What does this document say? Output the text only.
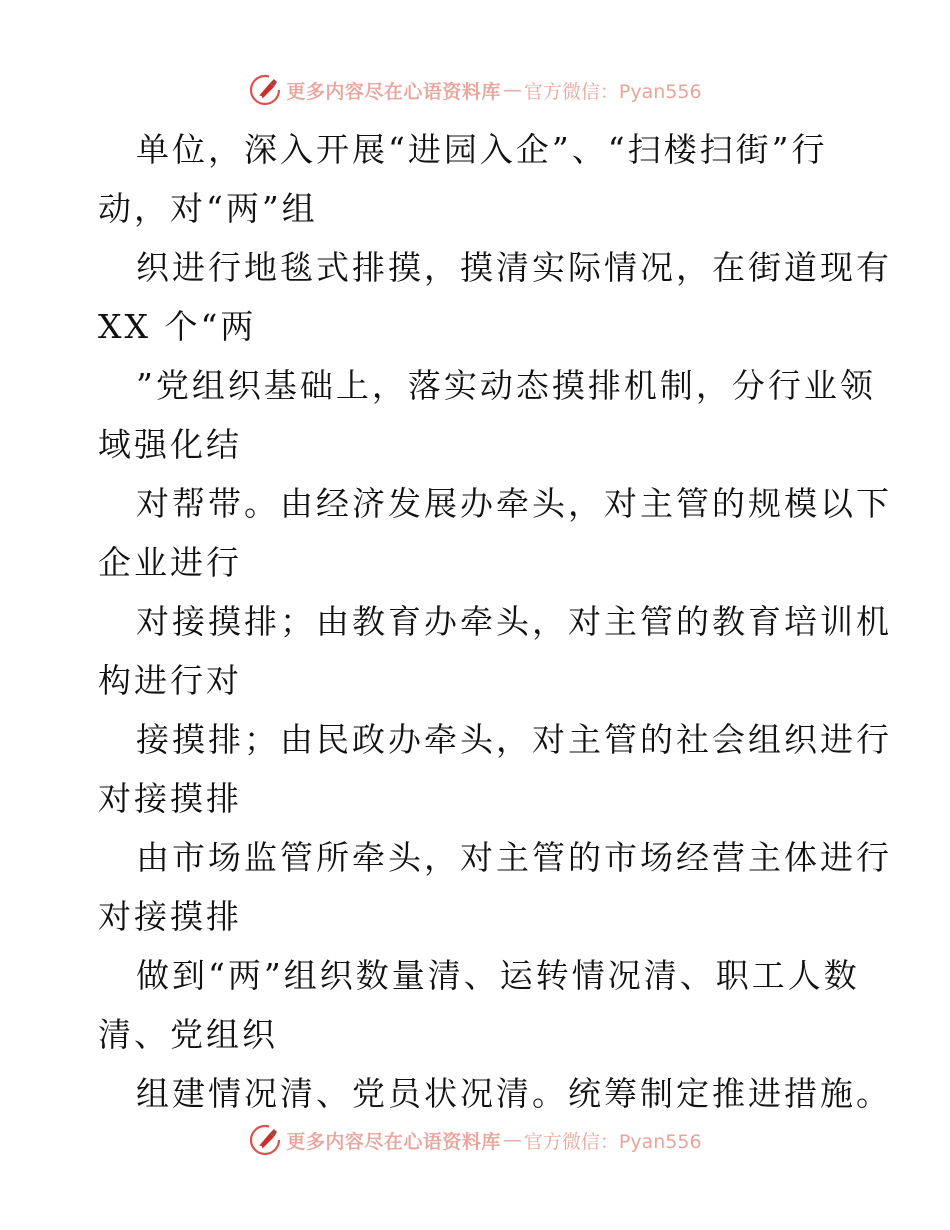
更多内容尽在心语资料库 — 官方微信：Pyan556
单位，深入开展“进园入企”、“扫楼扫街”行
动，对“两”组
织进行地毯式排摸，摸清实际情况，在街道现有
XX 个“两
”党组织基础上，落实动态摸排机制，分行业领
域强化结
对帮带。由经济发展办牵头，对主管的规模以下
企业进行
对接摸排；由教育办牵头，对主管的教育培训机
构进行对
接摸排；由民政办牵头，对主管的社会组织进行
对接摸排
由市场监管所牵头，对主管的市场经营主体进行
对接摸排
做到“两”组织数量清、运转情况清、职工人数
清、党组织
组建情况清、党员状况清。统筹制定推进措施。
更多内容尽在心语资料库 — 官方微信：Pyan556
